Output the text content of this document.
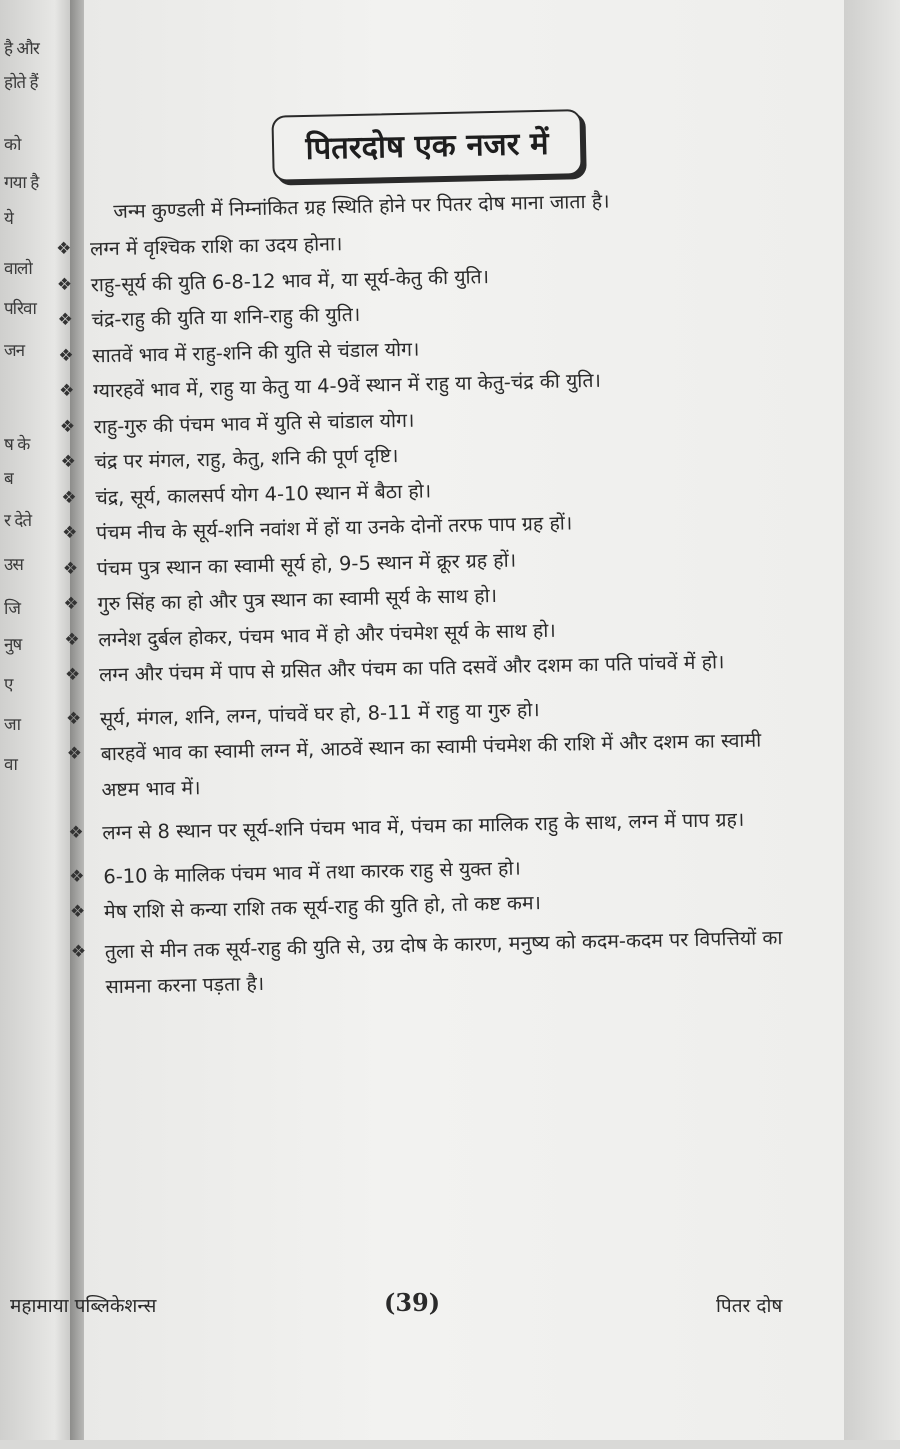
है और
होते हैं
को
गया है
ये
वालो
परिवा
जन
ष के
ब
र देते
उस
जि
नुष
ए
जा
वा
पितरदोष एक नजर में
जन्म कुण्डली में निम्नांकित ग्रह स्थिति होने पर पितर दोष माना जाता है।
❖ लग्न में वृश्चिक राशि का उदय होना।
❖ राहु-सूर्य की युति 6-8-12 भाव में, या सूर्य-केतु की युति।
❖ चंद्र-राहु की युति या शनि-राहु की युति।
❖ सातवें भाव में राहु-शनि की युति से चंडाल योग।
❖ ग्यारहवें भाव में, राहु या केतु या 4-9वें स्थान में राहु या केतु-चंद्र की युति।
❖ राहु-गुरु की पंचम भाव में युति से चांडाल योग।
❖ चंद्र पर मंगल, राहु, केतु, शनि की पूर्ण दृष्टि।
❖ चंद्र, सूर्य, कालसर्प योग 4-10 स्थान में बैठा हो।
❖ पंचम नीच के सूर्य-शनि नवांश में हों या उनके दोनों तरफ पाप ग्रह हों।
❖ पंचम पुत्र स्थान का स्वामी सूर्य हो, 9-5 स्थान में क्रूर ग्रह हों।
❖ गुरु सिंह का हो और पुत्र स्थान का स्वामी सूर्य के साथ हो।
❖ लग्नेश दुर्बल होकर, पंचम भाव में हो और पंचमेश सूर्य के साथ हो।
❖ लग्न और पंचम में पाप से ग्रसित और पंचम का पति दसवें और दशम का पति पांचवें में हो।
❖ सूर्य, मंगल, शनि, लग्न, पांचवें घर हो, 8-11 में राहु या गुरु हो।
❖ बारहवें भाव का स्वामी लग्न में, आठवें स्थान का स्वामी पंचमेश की राशि में और दशम का स्वामी अष्टम भाव में।
❖ लग्न से 8 स्थान पर सूर्य-शनि पंचम भाव में, पंचम का मालिक राहु के साथ, लग्न में पाप ग्रह।
❖ 6-10 के मालिक पंचम भाव में तथा कारक राहु से युक्त हो।
❖ मेष राशि से कन्या राशि तक सूर्य-राहु की युति हो, तो कष्ट कम।
❖ तुला से मीन तक सूर्य-राहु की युति से, उग्र दोष के कारण, मनुष्य को कदम-कदम पर विपत्तियों का सामना करना पड़ता है।
महामाया पब्लिकेशन्स	(39)	पितर दोष
